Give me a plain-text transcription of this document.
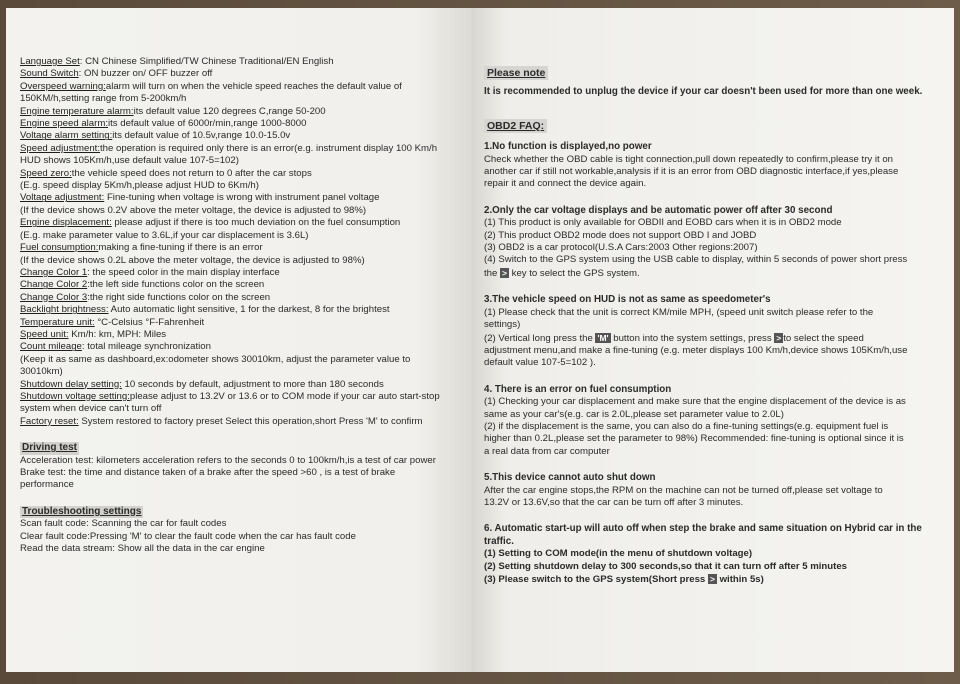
Language Set: CN Chinese Simplified/TW Chinese Traditional/EN English
Sound Switch: ON buzzer on/ OFF buzzer off
Overspeed warning:alarm will turn on when the vehicle speed reaches the default value of
150KM/h,setting range from 5-200km/h
Engine temperature alarm:its default value 120 degrees C,range 50-200
Engine speed alarm:its default value of 6000r/min,range 1000-8000
Voltage alarm setting:its default value of 10.5v,range 10.0-15.0v
Speed adjustment:the operation is required only there is an error(e.g. instrument display 100 Km/h
HUD shows 105Km/h,use default value 107-5=102)
Speed zero:the vehicle speed does not return to 0 after the car stops
(E.g. speed display 5Km/h,please adjust HUD to 6Km/h)
Voltage adjustment: Fine-tuning when voltage is wrong with instrument panel voltage
(If the device shows 0.2V above the meter voltage, the device is adjusted to 98%)
Engine displacement: please adjust if there is too much deviation on the fuel consumption
(E.g. make parameter value to 3.6L,if your car displacement is 3.6L)
Fuel consumption:making a fine-tuning if there is an error
(If the device shows 0.2L above the meter voltage, the device is adjusted to 98%)
Change Color 1: the speed color in the main display interface
Change Color 2:the left side functions color on the screen
Change Color 3:the right side functions color on the screen
Backlight brightness: Auto automatic light sensitive, 1 for the darkest, 8 for the brightest
Temperature unit: °C-Celsius °F-Fahrenheit
Speed unit: Km/h: km, MPH: Miles
Count mileage: total mileage synchronization
(Keep it as same as dashboard,ex:odometer shows 30010km, adjust the parameter value to
30010km)
Shutdown delay setting: 10 seconds by default, adjustment to more than 180 seconds
Shutdown voltage setting:please adjust to 13.2V or 13.6 or to COM mode if your car auto start-stop
system when device can't turn off
Factory reset: System restored to factory preset Select this operation,short Press 'M' to confirm
Driving test
Acceleration test: kilometers acceleration refers to the seconds 0 to 100km/h,is a test of car power
Brake test: the time and distance taken of a brake after the speed >60 , is a test of brake
performance
Troubleshooting settings
Scan fault code: Scanning the car for fault codes
Clear fault code:Pressing 'M' to clear the fault code when the car has fault code
Read the data stream: Show all the data in the car engine
Please note
It is recommended to unplug the device if your car doesn't been used for more than one week.
OBD2 FAQ:
1.No function is displayed,no power
Check whether the OBD cable is tight connection,pull down repeatedly to confirm,please try it on
another car if still not workable,analysis if it is an error from OBD diagnostic interface,if yes,please
repair it and connect the device again.
2.Only the car voltage displays and be automatic power off after 30 second
(1) This product is only available for OBDII and EOBD cars when it is in OBD2 mode
(2) This product OBD2 mode does not support OBD I and JOBD
(3) OBD2 is a car protocol(U.S.A Cars:2003 Other regions:2007)
(4) Switch to the GPS system using the USB cable to display, within 5 seconds of power short press
the > key to select the GPS system.
3.The vehicle speed on HUD is not as same as speedometer's
(1) Please check that the unit is correct KM/mile MPH, (speed unit switch please refer to the
settings)
(2) Vertical long press the 'M' button into the system settings, press > to select the speed
adjustment menu,and make a fine-tuning (e.g. meter displays 100 Km/h,device shows 105Km/h,use
default value 107-5=102 ).
4. There is an error on fuel consumption
(1) Checking your car displacement and make sure that the engine displacement of the device is as
same as your car's(e.g. car is 2.0L,please set parameter value to 2.0L)
(2) if the displacement is the same, you can also do a fine-tuning settings(e.g. equipment fuel is
higher than 0.2L,please set the parameter to 98%) Recommended: fine-tuning is optional since it is
a real data from car computer
5.This device cannot auto shut down
After the car engine stops,the RPM on the machine can not be turned off,please set voltage to
13.2V or 13.6V,so that the car can be turn off after 3 minutes.
6. Automatic start-up will auto off when step the brake and same situation on Hybrid car in the
traffic.
(1) Setting to COM mode(in the menu of shutdown voltage)
(2) Setting shutdown delay to 300 seconds,so that it can turn off after 5 minutes
(3) Please switch to the GPS system(Short press > within 5s)
